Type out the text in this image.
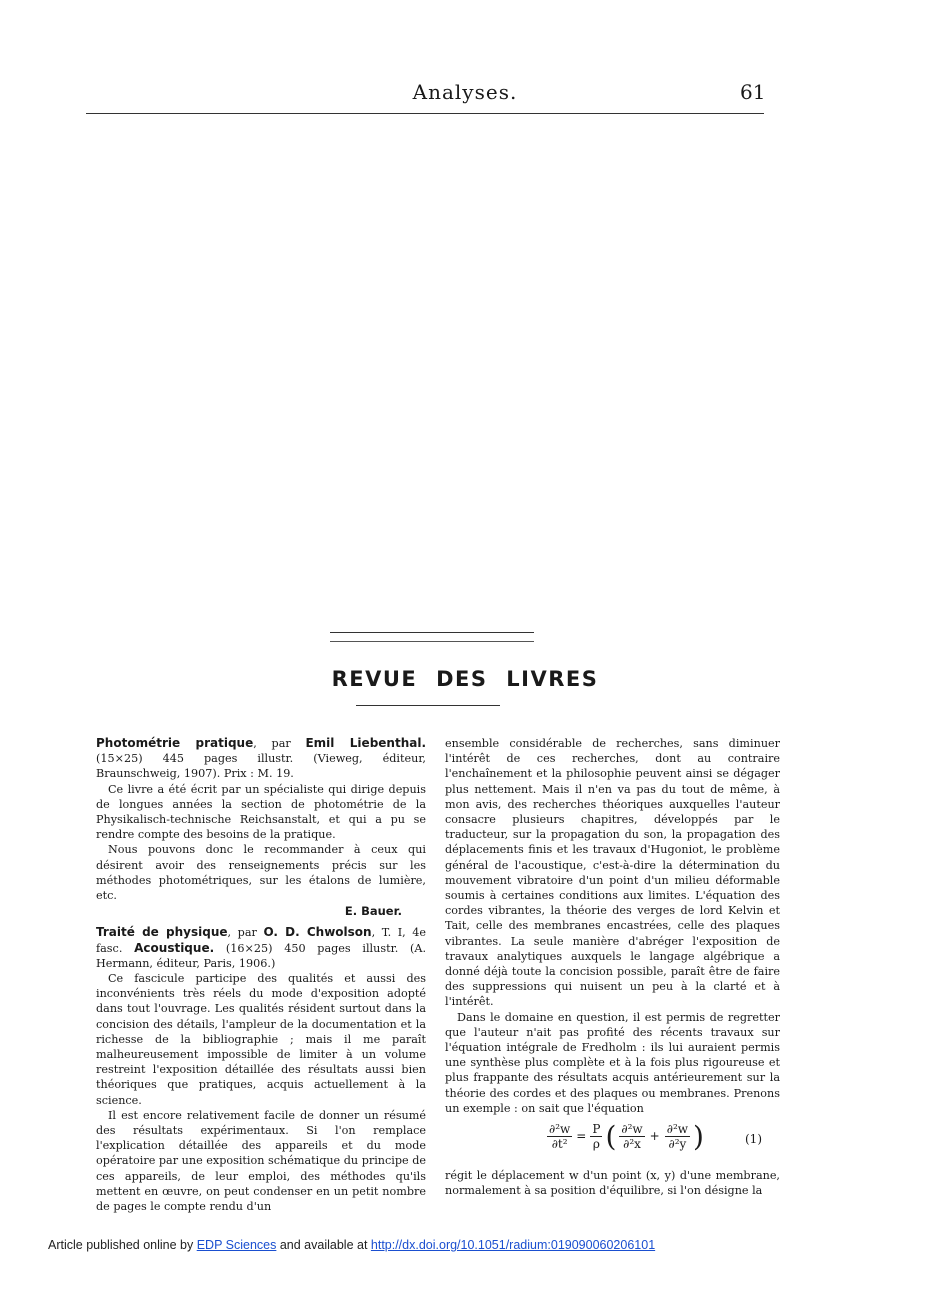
Analyses.	61
REVUE DES LIVRES

Photométrie pratique, par Emil Liebenthal. (15×25) 445 pages illustr. (Vieweg, éditeur, Braunschweig, 1907). Prix : M. 19.

Ce livre a été écrit par un spécialiste qui dirige depuis de longues années la section de photométrie de la Physikalisch-technische Reichsanstalt, et qui a pu se rendre compte des besoins de la pratique.

Nous pouvons donc le recommander à ceux qui désirent avoir des renseignements précis sur les méthodes photométriques, sur les étalons de lumière, etc.

E. Bauer.

Traité de physique, par O. D. Chwolson, T. I, 4e fasc. Acoustique. (16×25) 450 pages illustr. (A. Hermann, éditeur, Paris, 1906.)

Ce fascicule participe des qualités et aussi des inconvénients très réels du mode d'exposition adopté dans tout l'ouvrage. Les qualités résident surtout dans la concision des détails, l'ampleur de la documentation et la richesse de la bibliographie ; mais il me paraît malheureusement impossible de limiter à un volume restreint l'exposition détaillée des résultats aussi bien théoriques que pratiques, acquis actuellement à la science.

Il est encore relativement facile de donner un résumé des résultats expérimentaux. Si l'on remplace l'explication détaillée des appareils et du mode opératoire par une exposition schématique du principe de ces appareils, de leur emploi, des méthodes qu'ils mettent en œuvre, on peut condenser en un petit nombre de pages le compte rendu d'un

ensemble considérable de recherches, sans diminuer l'intérêt de ces recherches, dont au contraire l'enchaînement et la philosophie peuvent ainsi se dégager plus nettement. Mais il n'en va pas du tout de même, à mon avis, des recherches théoriques auxquelles l'auteur consacre plusieurs chapitres, développés par le traducteur, sur la propagation du son, la propagation des déplacements finis et les travaux d'Hugoniot, le problème général de l'acoustique, c'est-à-dire la détermination du mouvement vibratoire d'un point d'un milieu déformable soumis à certaines conditions aux limites. L'équation des cordes vibrantes, la théorie des verges de lord Kelvin et Tait, celle des membranes encastrées, celle des plaques vibrantes. La seule manière d'abréger l'exposition de travaux analytiques auxquels le langage algébrique a donné déjà toute la concision possible, paraît être de faire des suppressions qui nuisent un peu à la clarté et à l'intérêt.

Dans le domaine en question, il est permis de regretter que l'auteur n'ait pas profité des récents travaux sur l'équation intégrale de Fredholm : ils lui auraient permis une synthèse plus complète et à la fois plus rigoureuse et plus frappante des résultats acquis antérieurement sur la théorie des cordes et des plaques ou membranes. Prenons un exemple : on sait que l'équation

$\frac{\text{∂²w}}{\text{∂t²}} = \frac{P}{\rho}$ ( $\frac{\text{∂²w}}{\text{∂²x}} + \frac{\text{∂²w}}{\text{∂²y}}$ )	(1)

régit le déplacement w d'un point (x, y) d'une membrane, normalement à sa position d'équilibre, si l'on désigne la

Article published online by EDP Sciences and available at http://dx.doi.org/10.1051/radium:019090060206101
